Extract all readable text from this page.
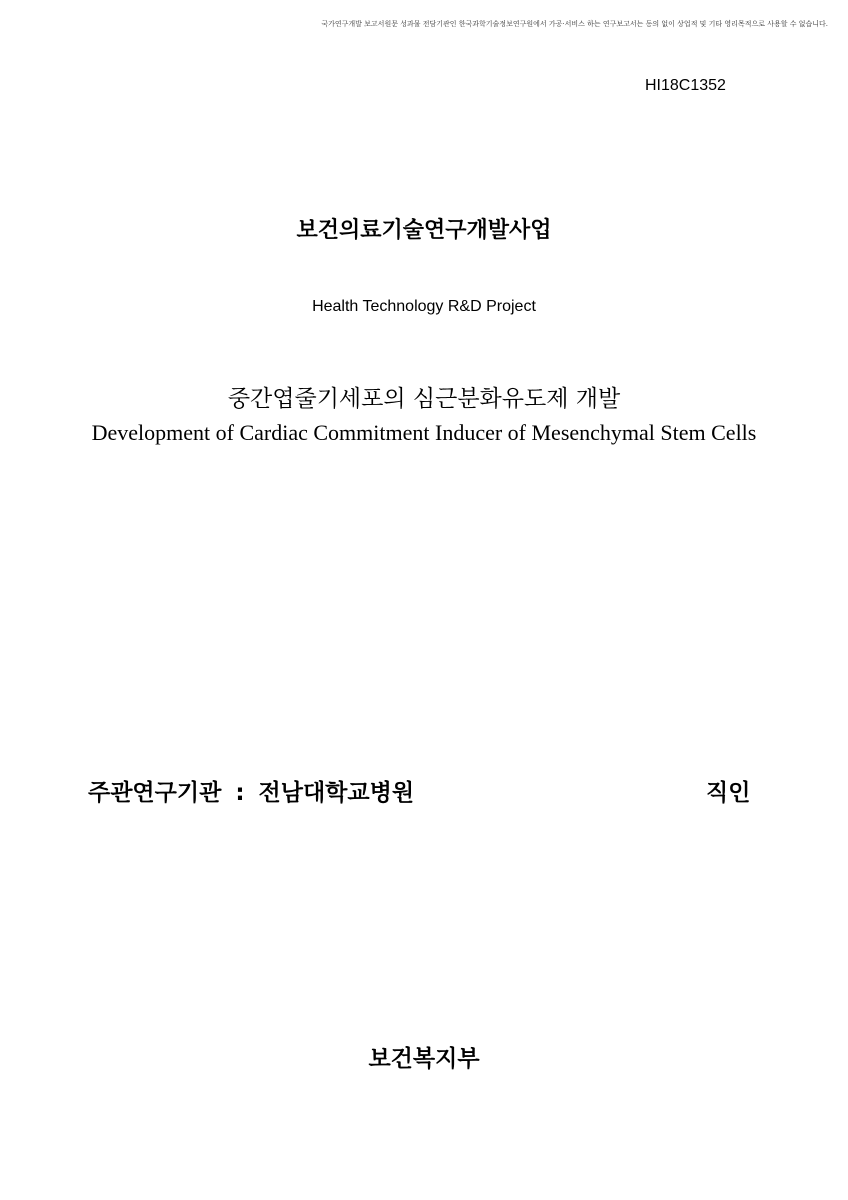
국가연구개발 보고서원문 성과물 전담기관인 한국과학기술정보연구원에서 가공·서비스 하는 연구보고서는 동의 없이 상업적 및 기타 영리목적으로 사용할 수 없습니다.
HI18C1352
보건의료기술연구개발사업
Health Technology R&D Project
중간엽줄기세포의 심근분화유도제 개발
Development of Cardiac Commitment Inducer of Mesenchymal Stem Cells
주관연구기관 : 전남대학교병원	직인
보건복지부
